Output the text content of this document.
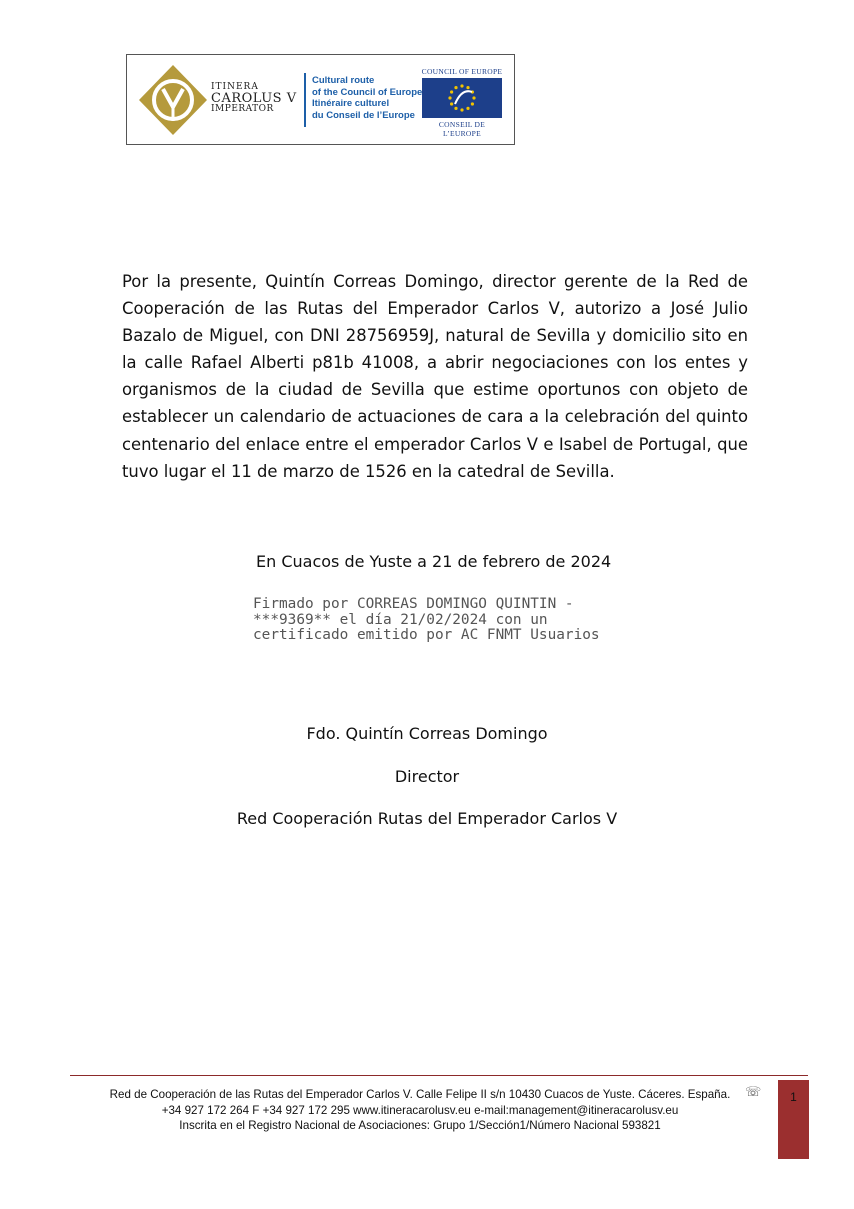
ITINERA
CAROLUS V
IMPERATOR
Cultural route
of the Council of Europe
Itinéraire culturel
du Conseil de l’Europe
COUNCIL OF EUROPE
CONSEIL DE L’EUROPE

Por la presente, Quintín Correas Domingo, director gerente de la Red de Cooperación de las Rutas del Emperador Carlos V, autorizo a José Julio Bazalo de Miguel, con DNI 28756959J, natural de Sevilla y domicilio sito en la calle Rafael Alberti p81b 41008, a abrir negociaciones con los entes y organismos de la ciudad de Sevilla que estime oportunos con objeto de establecer un calendario de actuaciones de cara a la celebración del quinto centenario del enlace entre el emperador Carlos V e Isabel de Portugal, que tuvo lugar el 11 de marzo de 1526 en la catedral de Sevilla.

En Cuacos de Yuste a 21 de febrero de 2024

Firmado por CORREAS DOMINGO QUINTIN -
***9369** el día 21/02/2024 con un
certificado emitido por AC FNMT Usuarios

Fdo. Quintín Correas Domingo

Director

Red Cooperación Rutas del Emperador Carlos V

Red de Cooperación de las Rutas del Emperador Carlos V. Calle Felipe II s/n 10430 Cuacos de Yuste. Cáceres. España.
+34 927 172 264 F +34 927 172 295 www.itineracarolusv.eu e-mail:management@itineracarolusv.eu
Inscrita en el Registro Nacional de Asociaciones: Grupo 1/Sección1/Número Nacional 593821
☏	1
